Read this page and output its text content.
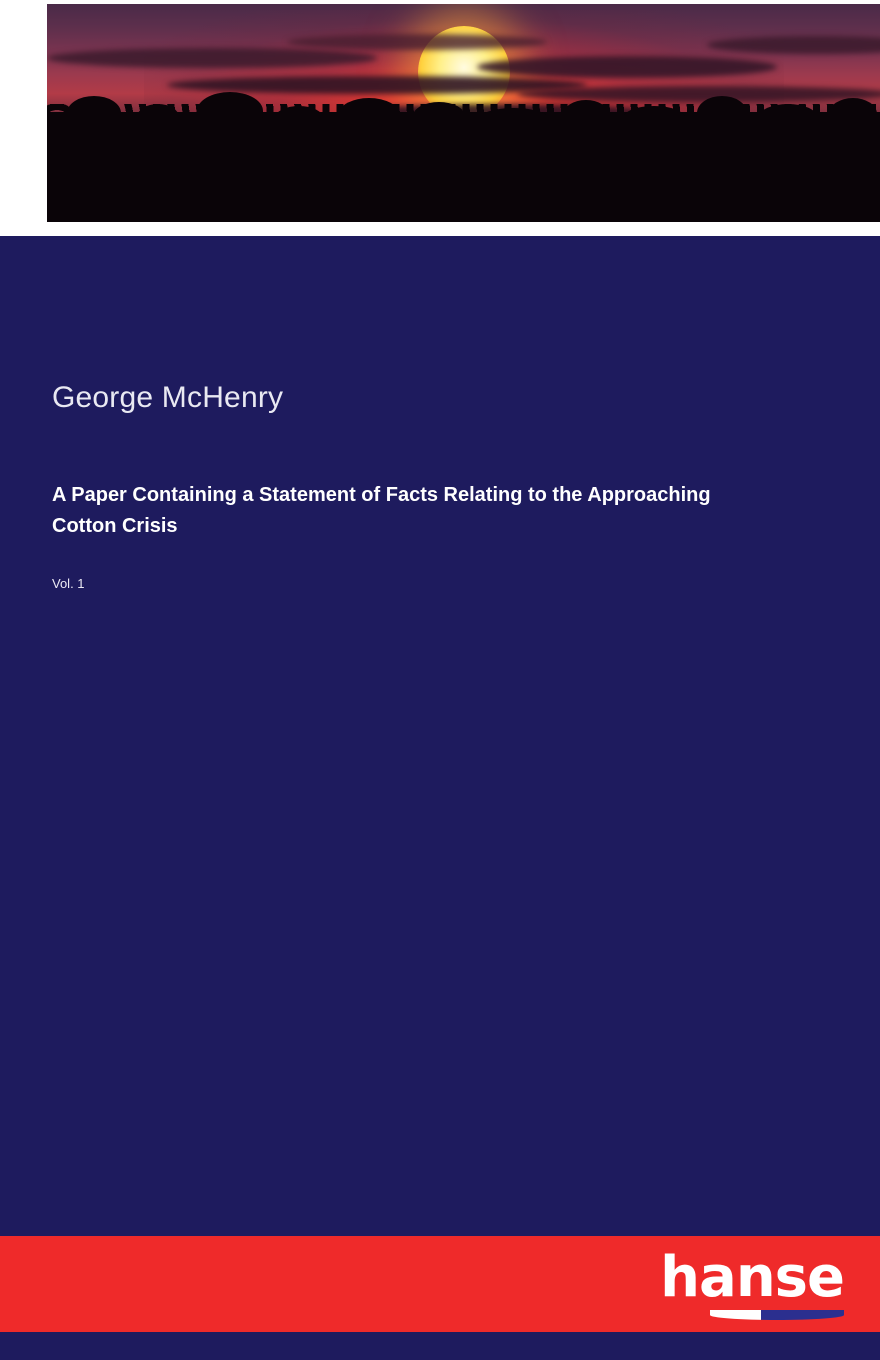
George McHenry
A Paper Containing a Statement of Facts Relating to the Approaching Cotton Crisis
Vol. 1
hanse
